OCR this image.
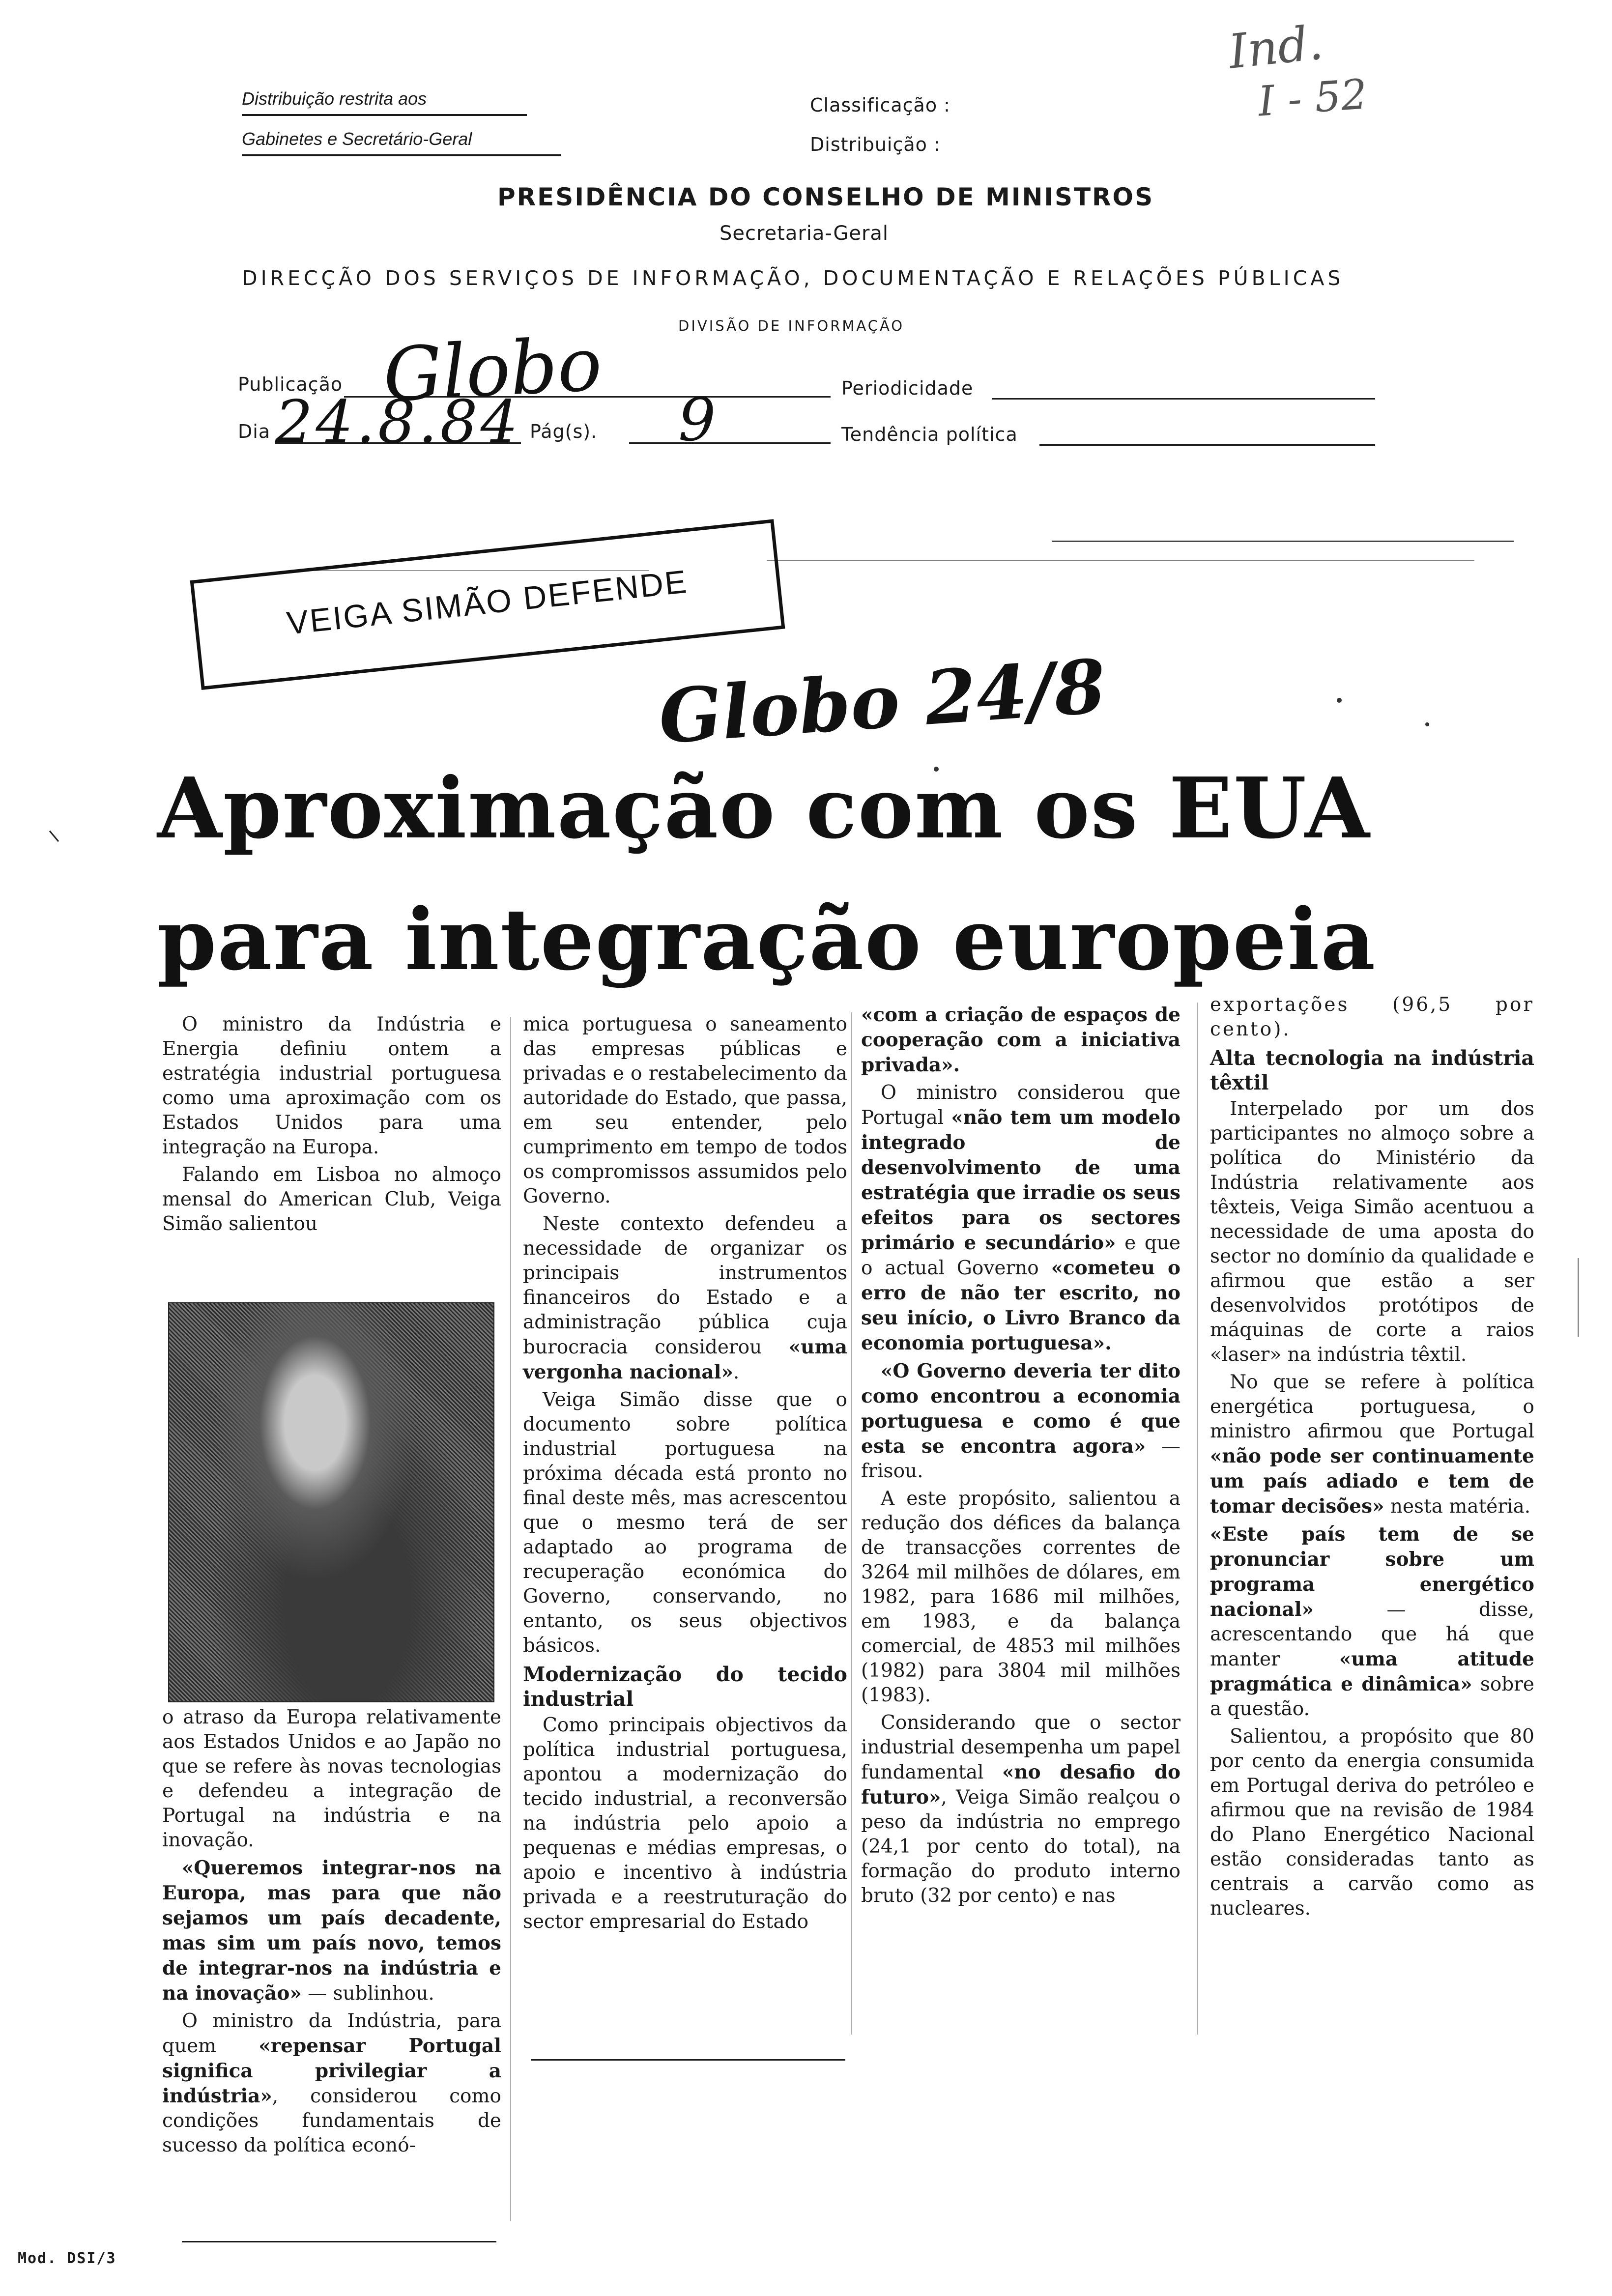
Distribuição restrita aos
Gabinetes e Secretário-Geral
Classificação :
Distribuição :
PRESIDÊNCIA DO CONSELHO DE MINISTROS
Secretaria-Geral
DIRECÇÃO DOS SERVIÇOS DE INFORMAÇÃO, DOCUMENTAÇÃO E RELAÇÕES PÚBLICAS
DIVISÃO DE INFORMAÇÃO
Publicação Globo
Dia 24.8.84 Pág(s). 9	Periodicidade
Tendência política
Ind.
I - 52
VEIGA SIMÃO DEFENDE
Globo 24/8
Aproximação com os EUA
para integração europeia

O ministro da Indústria e Energia definiu ontem a estratégia industrial portuguesa como uma aproximação com os Estados Unidos para uma integração na Europa.

Falando em Lisboa no almoço mensal do American Club, Veiga Simão salientou

o atraso da Europa relativamente aos Estados Unidos e ao Japão no que se refere às novas tecnologias e defendeu a integração de Portugal na indústria e na inovação.

«Queremos integrar-nos na Europa, mas para que não sejamos um país decadente, mas sim um país novo, temos de integrar-nos na indústria e na inovação» — sublinhou.

O ministro da Indústria, para quem «repensar Portugal significa privilegiar a indústria», considerou como condições fundamentais de sucesso da política econó-

mica portuguesa o saneamento das empresas públicas e privadas e o restabelecimento da autoridade do Estado, que passa, em seu entender, pelo cumprimento em tempo de todos os compromissos assumidos pelo Governo.

Neste contexto defendeu a necessidade de organizar os principais instrumentos financeiros do Estado e a administração pública cuja burocracia considerou «uma vergonha nacional».

Veiga Simão disse que o documento sobre política industrial portuguesa na próxima década está pronto no final deste mês, mas acrescentou que o mesmo terá de ser adaptado ao programa de recuperação económica do Governo, conservando, no entanto, os seus objectivos básicos.

Modernização do tecido industrial

Como principais objectivos da política industrial portuguesa, apontou a modernização do tecido industrial, a reconversão na indústria pelo apoio a pequenas e médias empresas, o apoio e incentivo à indústria privada e a reestruturação do sector empresarial do Estado

«com a criação de espaços de cooperação com a iniciativa privada».

O ministro considerou que Portugal «não tem um modelo integrado de desenvolvimento de uma estratégia que irradie os seus efeitos para os sectores primário e secundário» e que o actual Governo «cometeu o erro de não ter escrito, no seu início, o Livro Branco da economia portuguesa».

«O Governo deveria ter dito como encontrou a economia portuguesa e como é que esta se encontra agora» — frisou.

A este propósito, salientou a redução dos défices da balança de transacções correntes de 3264 mil milhões de dólares, em 1982, para 1686 mil milhões, em 1983, e da balança comercial, de 4853 mil milhões (1982) para 3804 mil milhões (1983).

Considerando que o sector industrial desempenha um papel fundamental «no desafio do futuro», Veiga Simão realçou o peso da indústria no emprego (24,1 por cento do total), na formação do produto interno bruto (32 por cento) e nas

exportações (96,5 por cento).

Alta tecnologia na indústria têxtil

Interpelado por um dos participantes no almoço sobre a política do Ministério da Indústria relativamente aos têxteis, Veiga Simão acentuou a necessidade de uma aposta do sector no domínio da qualidade e afirmou que estão a ser desenvolvidos protótipos de máquinas de corte a raios «laser» na indústria têxtil.

No que se refere à política energética portuguesa, o ministro afirmou que Portugal «não pode ser continuamente um país adiado e tem de tomar decisões» nesta matéria.

«Este país tem de se pronunciar sobre um programa energético nacional» — disse, acrescentando que há que manter «uma atitude pragmática e dinâmica» sobre a questão.

Salientou, a propósito que 80 por cento da energia consumida em Portugal deriva do petróleo e afirmou que na revisão de 1984 do Plano Energético Nacional estão consideradas tanto as centrais a carvão como as nucleares.

Mod. DSI/3
